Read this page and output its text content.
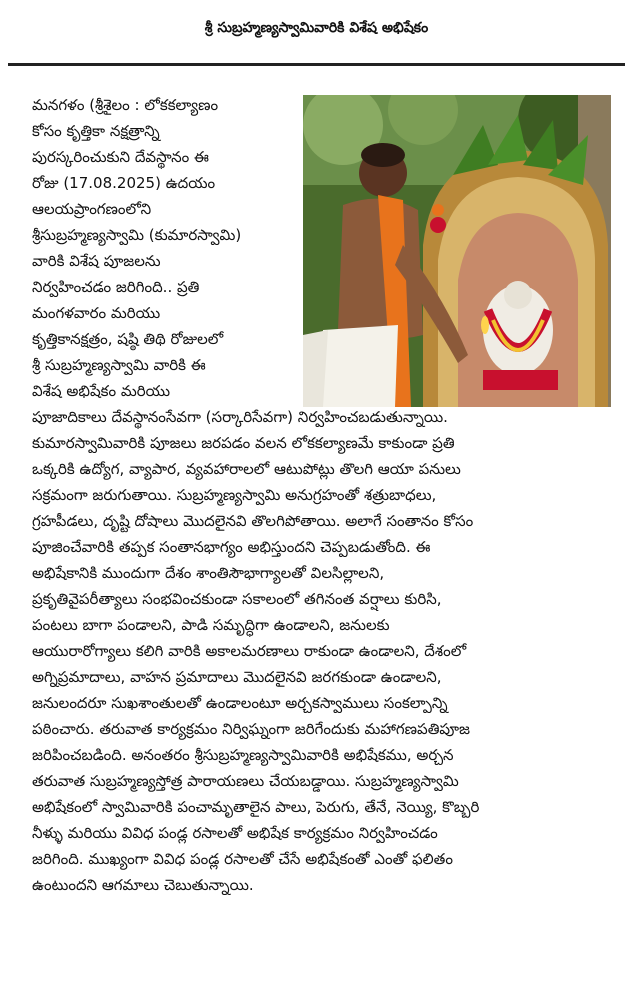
శ్రీ సుబ్రహ్మణ్యస్వామివారికి విశేష అభిషేకం
మనగళం (శ్రీశైలం : లోకకల్యాణం
కోసం కృత్తికా నక్షత్రాన్ని
పురస్కరించుకుని దేవస్థానం ఈ
రోజు (17.08.2025) ఉదయం
ఆలయప్రాంగణంలోని
శ్రీసుబ్రహ్మణ్యస్వామి (కుమారస్వామి)
వారికి విశేష పూజలను
నిర్వహించడం జరిగింది.. ప్రతి
మంగళవారం మరియు
కృత్తికానక్షత్రం, షష్ఠి తిథి రోజులలో
శ్రీ సుబ్రహ్మణ్యస్వామి వారికి ఈ
విశేష అభిషేకం మరియు
పూజాదికాలు దేవస్థానంసేవగా (సర్కారిసేవగా) నిర్వహించబడుతున్నాయి.
కుమారస్వామివారికి పూజలు జరపడం వలన లోకకల్యాణమే కాకుండా ప్రతి
ఒక్కరికి ఉద్యోగ, వ్యాపార, వ్యవహారాలలో ఆటుపోట్లు తొలగి ఆయా పనులు
సక్రమంగా జరుగుతాయి. సుబ్రహ్మణ్యస్వామి అనుగ్రహంతో శత్రుబాధలు,
గ్రహపీడలు, దృష్టి దోషాలు మొదలైనవి తొలగిపోతాయి. అలాగే సంతానం కోసం
పూజించేవారికి తప్పక సంతానభాగ్యం అభిస్తుందని చెప్పబడుతోంది. ఈ
అభిషేకానికి ముందుగా దేశం శాంతిసౌభాగ్యాలతో విలసిల్లాలని,
ప్రకృతివైపరీత్యాలు సంభవించకుండా సకాలంలో తగినంత వర్షాలు కురిసి,
పంటలు బాగా పండాలని, పాడి సమృద్ధిగా ఉండాలని, జనులకు
ఆయురారోగ్యాలు కలిగి వారికి అకాలమరణాలు రాకుండా ఉండాలని, దేశంలో
అగ్నిప్రమాదాలు, వాహన ప్రమాదాలు మొదలైనవి జరగకుండా ఉండాలని,
జనులందరూ సుఖశాంతులతో ఉండాలంటూ అర్చకస్వాములు సంకల్పాన్ని
పఠించారు. తరువాత కార్యక్రమం నిర్విఘ్నంగా జరిగేందుకు మహాగణపతిపూజ
జరిపించబడింది. అనంతరం శ్రీసుబ్రహ్మణ్యస్వామివారికి అభిషేకము, అర్చన
తరువాత సుబ్రహ్మణ్యస్తోత్ర పారాయణలు చేయబడ్డాయి. సుబ్రహ్మణ్యస్వామి
అభిషేకంలో స్వామివారికి పంచామృతాలైన పాలు, పెరుగు, తేనే, నెయ్యి, కొబ్బరి
నీళ్ళు మరియు వివిధ పండ్ల రసాలతో అభిషేక కార్యక్రమం నిర్వహించడం
జరిగింది. ముఖ్యంగా వివిధ పండ్ల రసాలతో చేసే అభిషేకంతో ఎంతో ఫలితం
ఉంటుందని ఆగమాలు చెబుతున్నాయి.
